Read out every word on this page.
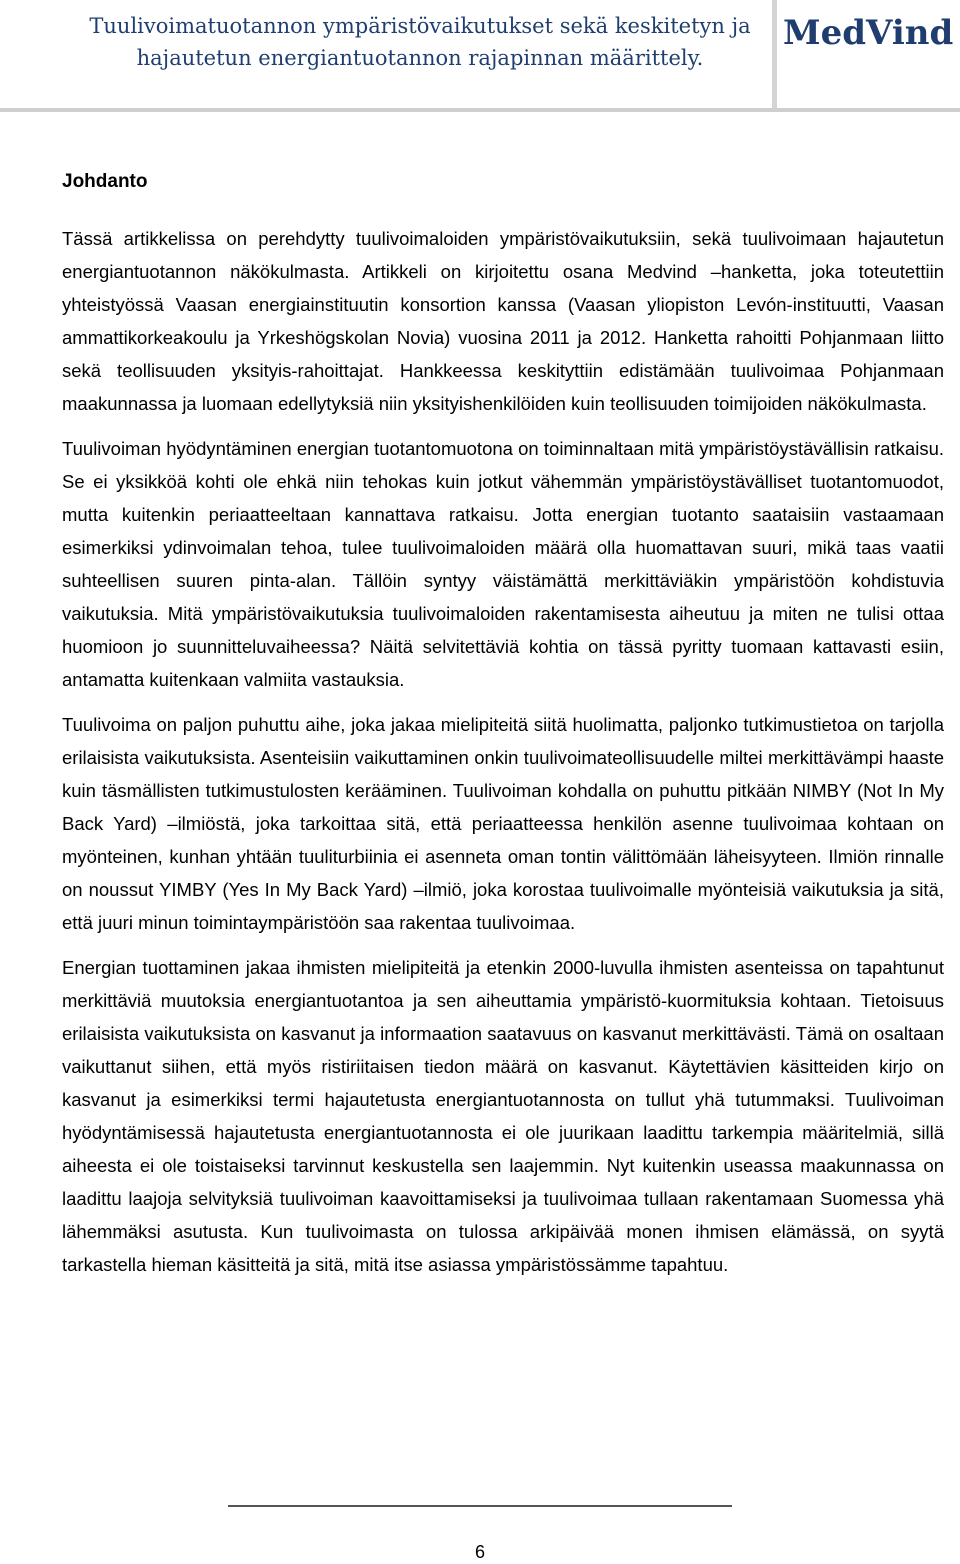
Tuulivoimatuotannon ympäristövaikutukset sekä keskitetyn ja hajautetun energiantuotannon rajapinnan määrittely.
MedVind
Johdanto

Tässä artikkelissa on perehdytty tuulivoimaloiden ympäristövaikutuksiin, sekä tuulivoimaan hajautetun energiantuotannon näkökulmasta. Artikkeli on kirjoitettu osana Medvind –hanketta, joka toteutettiin yhteistyössä Vaasan energiainstituutin konsortion kanssa (Vaasan yliopiston Levón-instituutti, Vaasan ammattikorkeakoulu ja Yrkeshögskolan Novia) vuosina 2011 ja 2012. Hanketta rahoitti Pohjanmaan liitto sekä teollisuuden yksityis-rahoittajat. Hankkeessa keskityttiin edistämään tuulivoimaa Pohjanmaan maakunnassa ja luomaan edellytyksiä niin yksityishenkilöiden kuin teollisuuden toimijoiden näkökulmasta.

Tuulivoiman hyödyntäminen energian tuotantomuotona on toiminnaltaan mitä ympäristöystävällisin ratkaisu. Se ei yksikköä kohti ole ehkä niin tehokas kuin jotkut vähemmän ympäristöystävälliset tuotantomuodot, mutta kuitenkin periaatteeltaan kannattava ratkaisu. Jotta energian tuotanto saataisiin vastaamaan esimerkiksi ydinvoimalan tehoa, tulee tuulivoimaloiden määrä olla huomattavan suuri, mikä taas vaatii suhteellisen suuren pinta-alan. Tällöin syntyy väistämättä merkittäviäkin ympäristöön kohdistuvia vaikutuksia. Mitä ympäristövaikutuksia tuulivoimaloiden rakentamisesta aiheutuu ja miten ne tulisi ottaa huomioon jo suunnitteluvaiheessa? Näitä selvitettäviä kohtia on tässä pyritty tuomaan kattavasti esiin, antamatta kuitenkaan valmiita vastauksia.

Tuulivoima on paljon puhuttu aihe, joka jakaa mielipiteitä siitä huolimatta, paljonko tutkimustietoa on tarjolla erilaisista vaikutuksista. Asenteisiin vaikuttaminen onkin tuulivoimateollisuudelle miltei merkittävämpi haaste kuin täsmällisten tutkimustulosten kerääminen. Tuulivoiman kohdalla on puhuttu pitkään NIMBY (Not In My Back Yard) –ilmiöstä, joka tarkoittaa sitä, että periaatteessa henkilön asenne tuulivoimaa kohtaan on myönteinen, kunhan yhtään tuuliturbiinia ei asenneta oman tontin välittömään läheisyyteen. Ilmiön rinnalle on noussut YIMBY (Yes In My Back Yard) –ilmiö, joka korostaa tuulivoimalle myönteisiä vaikutuksia ja sitä, että juuri minun toimintaympäristöön saa rakentaa tuulivoimaa.

Energian tuottaminen jakaa ihmisten mielipiteitä ja etenkin 2000-luvulla ihmisten asenteissa on tapahtunut merkittäviä muutoksia energiantuotantoa ja sen aiheuttamia ympäristö-kuormituksia kohtaan. Tietoisuus erilaisista vaikutuksista on kasvanut ja informaation saatavuus on kasvanut merkittävästi. Tämä on osaltaan vaikuttanut siihen, että myös ristiriitaisen tiedon määrä on kasvanut. Käytettävien käsitteiden kirjo on kasvanut ja esimerkiksi termi hajautetusta energiantuotannosta on tullut yhä tutummaksi. Tuulivoiman hyödyntämisessä hajautetusta energiantuotannosta ei ole juurikaan laadittu tarkempia määritelmiä, sillä aiheesta ei ole toistaiseksi tarvinnut keskustella sen laajemmin. Nyt kuitenkin useassa maakunnassa on laadittu laajoja selvityksiä tuulivoiman kaavoittamiseksi ja tuulivoimaa tullaan rakentamaan Suomessa yhä lähemmäksi asutusta. Kun tuulivoimasta on tulossa arkipäivää monen ihmisen elämässä, on syytä tarkastella hieman käsitteitä ja sitä, mitä itse asiassa ympäristössämme tapahtuu.

6
